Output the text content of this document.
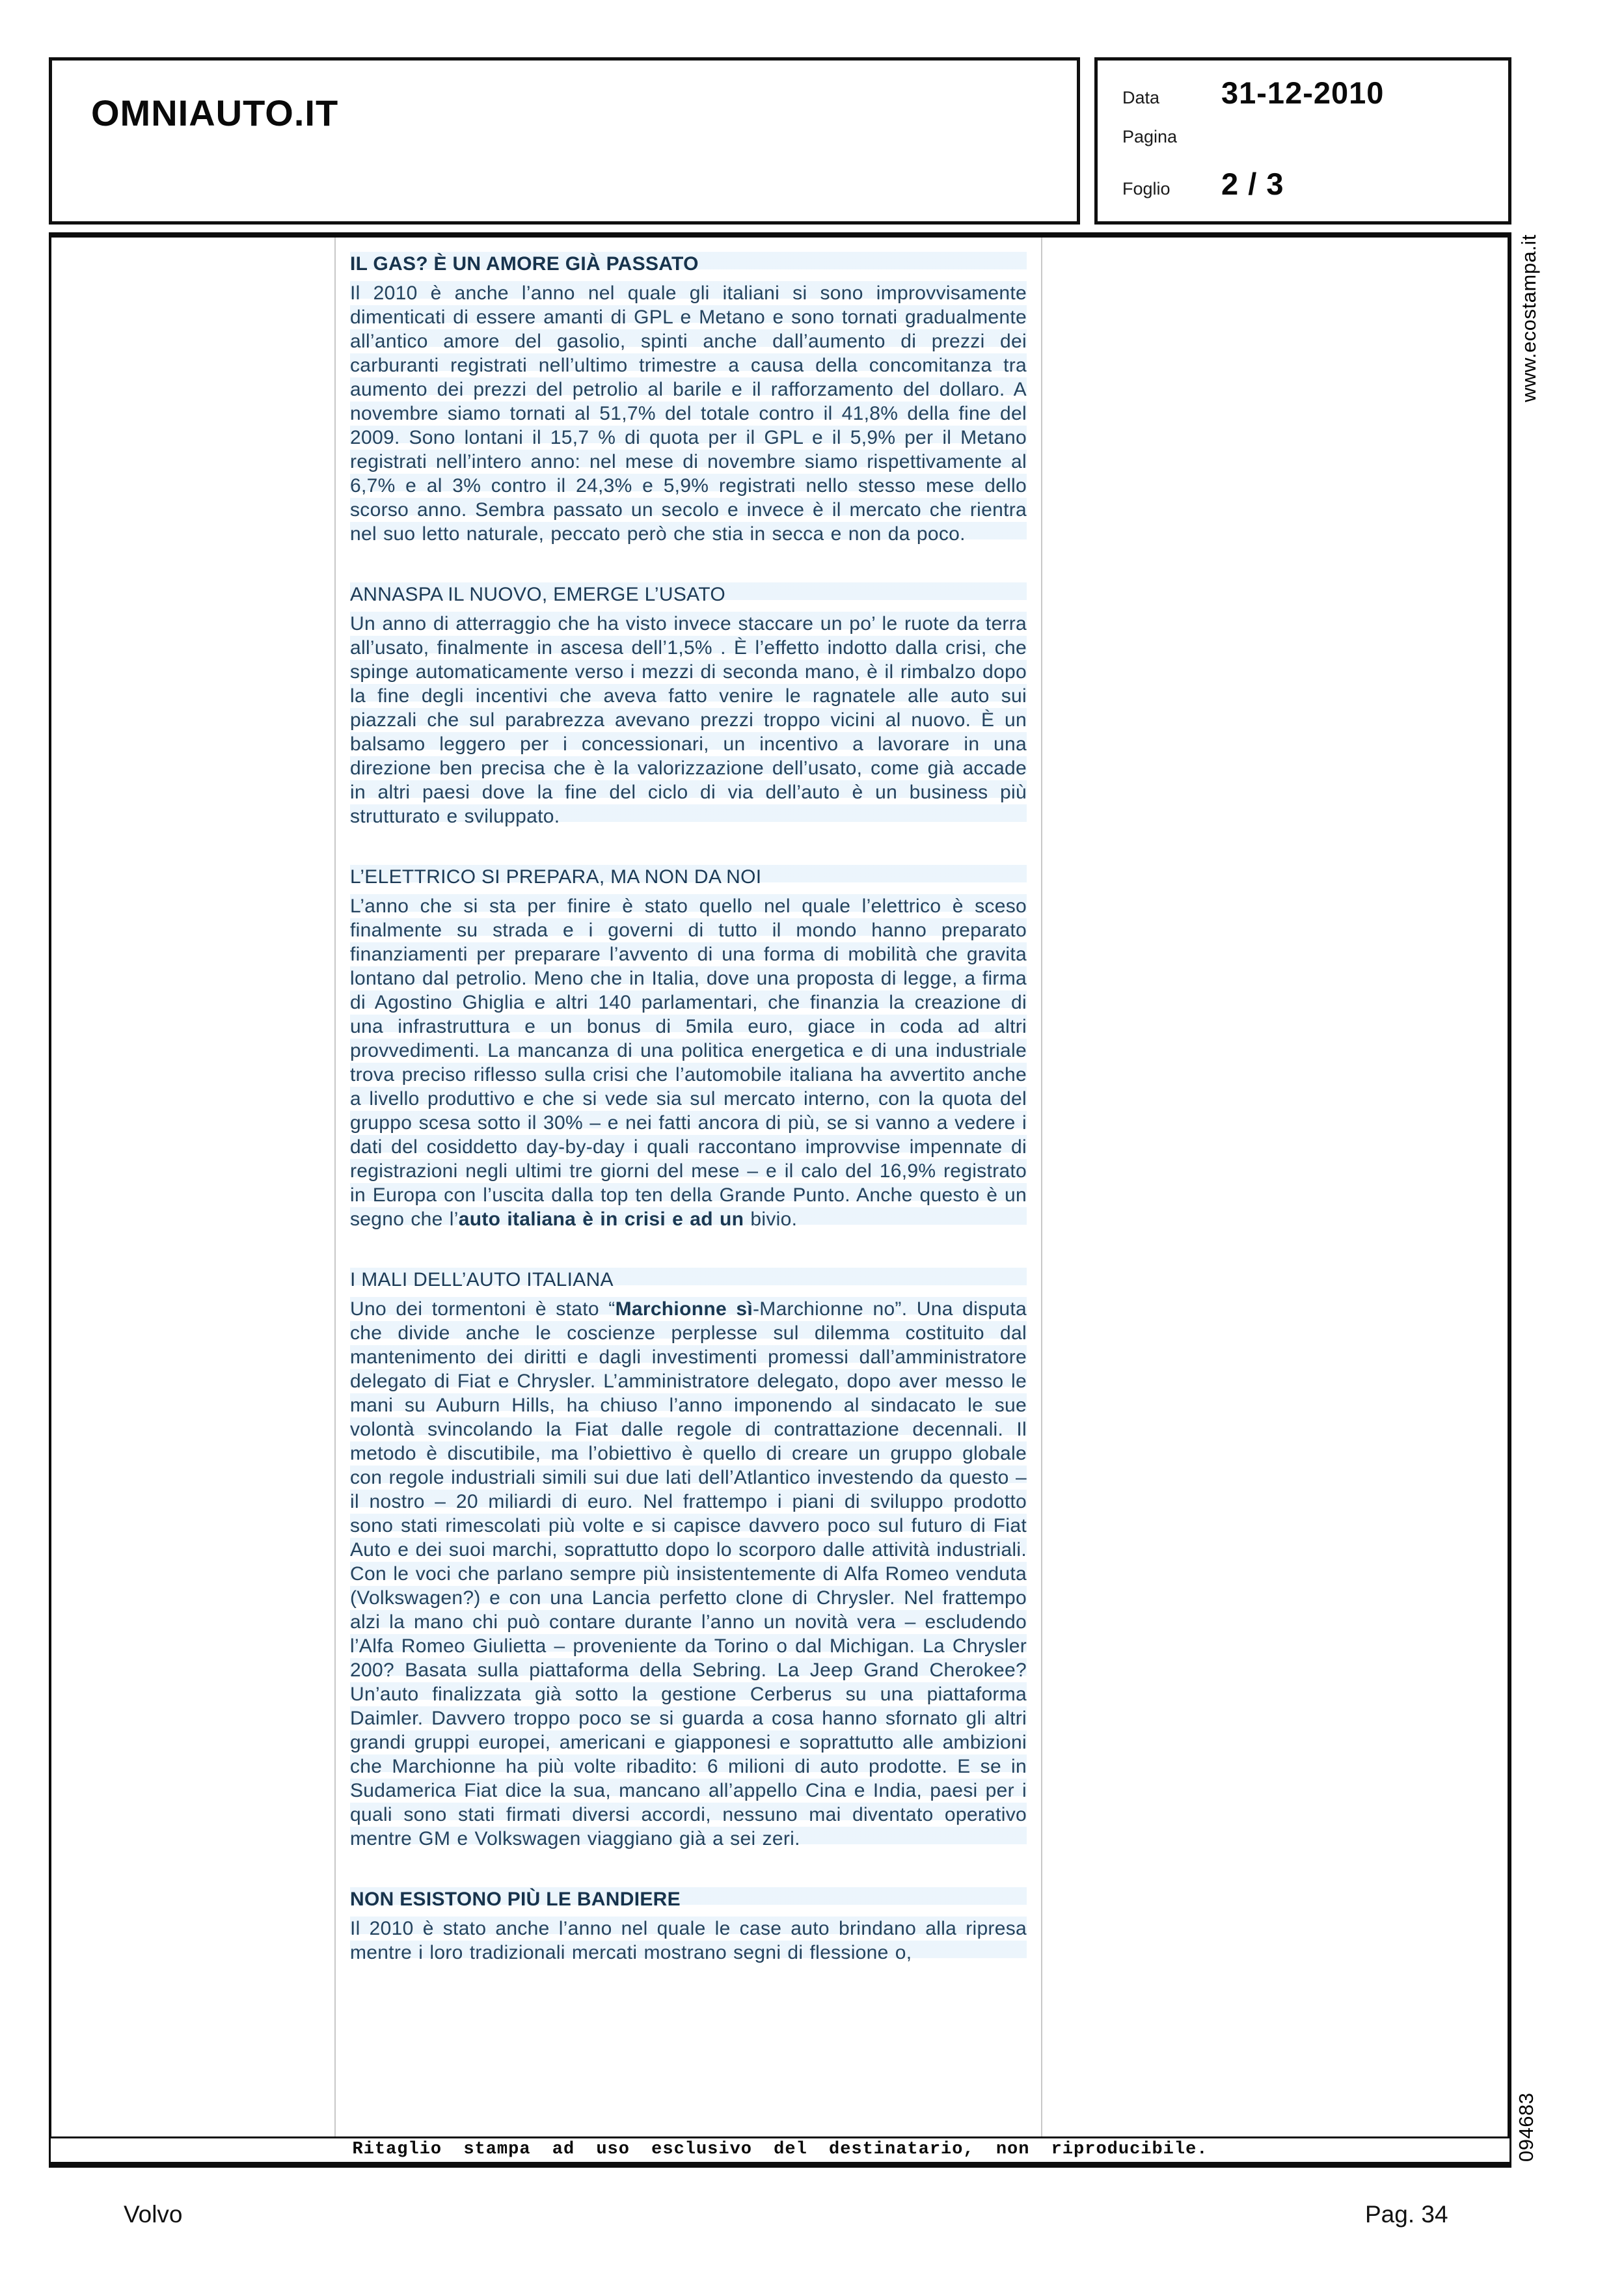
OMNIAUTO.IT	Data	31-12-2010
Pagina
Foglio	2 / 3
IL GAS? È UN AMORE GIÀ PASSATO

Il 2010 è anche l’anno nel quale gli italiani si sono improvvisamente dimenticati di essere amanti di GPL e Metano e sono tornati gradualmente all’antico amore del gasolio, spinti anche dall’aumento di prezzi dei carburanti registrati nell’ultimo trimestre a causa della concomitanza tra aumento dei prezzi del petrolio al barile e il rafforzamento del dollaro. A novembre siamo tornati al 51,7% del totale contro il 41,8% della fine del 2009. Sono lontani il 15,7 % di quota per il GPL e il 5,9% per il Metano registrati nell’intero anno: nel mese di novembre siamo rispettivamente al 6,7% e al 3% contro il 24,3% e 5,9% registrati nello stesso mese dello scorso anno. Sembra passato un secolo e invece è il mercato che rientra nel suo letto naturale, peccato però che stia in secca e non da poco.

ANNASPA IL NUOVO, EMERGE L’USATO

Un anno di atterraggio che ha visto invece staccare un po’ le ruote da terra all’usato, finalmente in ascesa dell’1,5% . È l’effetto indotto dalla crisi, che spinge automaticamente verso i mezzi di seconda mano, è il rimbalzo dopo la fine degli incentivi che aveva fatto venire le ragnatele alle auto sui piazzali che sul parabrezza avevano prezzi troppo vicini al nuovo. È un balsamo leggero per i concessionari, un incentivo a lavorare in una direzione ben precisa che è la valorizzazione dell’usato, come già accade in altri paesi dove la fine del ciclo di via dell’auto è un business più strutturato e sviluppato.

L’ELETTRICO SI PREPARA, MA NON DA NOI

L’anno che si sta per finire è stato quello nel quale l’elettrico è sceso finalmente su strada e i governi di tutto il mondo hanno preparato finanziamenti per preparare l’avvento di una forma di mobilità che gravita lontano dal petrolio. Meno che in Italia, dove una proposta di legge, a firma di Agostino Ghiglia e altri 140 parlamentari, che finanzia la creazione di una infrastruttura e un bonus di 5mila euro, giace in coda ad altri provvedimenti. La mancanza di una politica energetica e di una industriale trova preciso riflesso sulla crisi che l’automobile italiana ha avvertito anche a livello produttivo e che si vede sia sul mercato interno, con la quota del gruppo scesa sotto il 30% – e nei fatti ancora di più, se si vanno a vedere i dati del cosiddetto day-by-day i quali raccontano improvvise impennate di registrazioni negli ultimi tre giorni del mese – e il calo del 16,9% registrato in Europa con l’uscita dalla top ten della Grande Punto. Anche questo è un segno che l’auto italiana è in crisi e ad un bivio.

I MALI DELL’AUTO ITALIANA

Uno dei tormentoni è stato “Marchionne sì-Marchionne no”. Una disputa che divide anche le coscienze perplesse sul dilemma costituito dal mantenimento dei diritti e dagli investimenti promessi dall’amministratore delegato di Fiat e Chrysler. L’amministratore delegato, dopo aver messo le mani su Auburn Hills, ha chiuso l’anno imponendo al sindacato le sue volontà svincolando la Fiat dalle regole di contrattazione decennali. Il metodo è discutibile, ma l’obiettivo è quello di creare un gruppo globale con regole industriali simili sui due lati dell’Atlantico investendo da questo – il nostro – 20 miliardi di euro. Nel frattempo i piani di sviluppo prodotto sono stati rimescolati più volte e si capisce davvero poco sul futuro di Fiat Auto e dei suoi marchi, soprattutto dopo lo scorporo dalle attività industriali. Con le voci che parlano sempre più insistentemente di Alfa Romeo venduta (Volkswagen?) e con una Lancia perfetto clone di Chrysler. Nel frattempo alzi la mano chi può contare durante l’anno un novità vera – escludendo l’Alfa Romeo Giulietta – proveniente da Torino o dal Michigan. La Chrysler 200? Basata sulla piattaforma della Sebring. La Jeep Grand Cherokee? Un’auto finalizzata già sotto la gestione Cerberus su una piattaforma Daimler. Davvero troppo poco se si guarda a cosa hanno sfornato gli altri grandi gruppi europei, americani e giapponesi e soprattutto alle ambizioni che Marchionne ha più volte ribadito: 6 milioni di auto prodotte. E se in Sudamerica Fiat dice la sua, mancano all’appello Cina e India, paesi per i quali sono stati firmati diversi accordi, nessuno mai diventato operativo mentre GM e Volkswagen viaggiano già a sei zeri.

NON ESISTONO PIÙ LE BANDIERE

Il 2010 è stato anche l’anno nel quale le case auto brindano alla ripresa mentre i loro tradizionali mercati mostrano segni di flessione o,

www.ecostampa.it
094683
Ritaglio stampa ad uso esclusivo del destinatario, non riproducibile.
Volvo	Pag. 34
